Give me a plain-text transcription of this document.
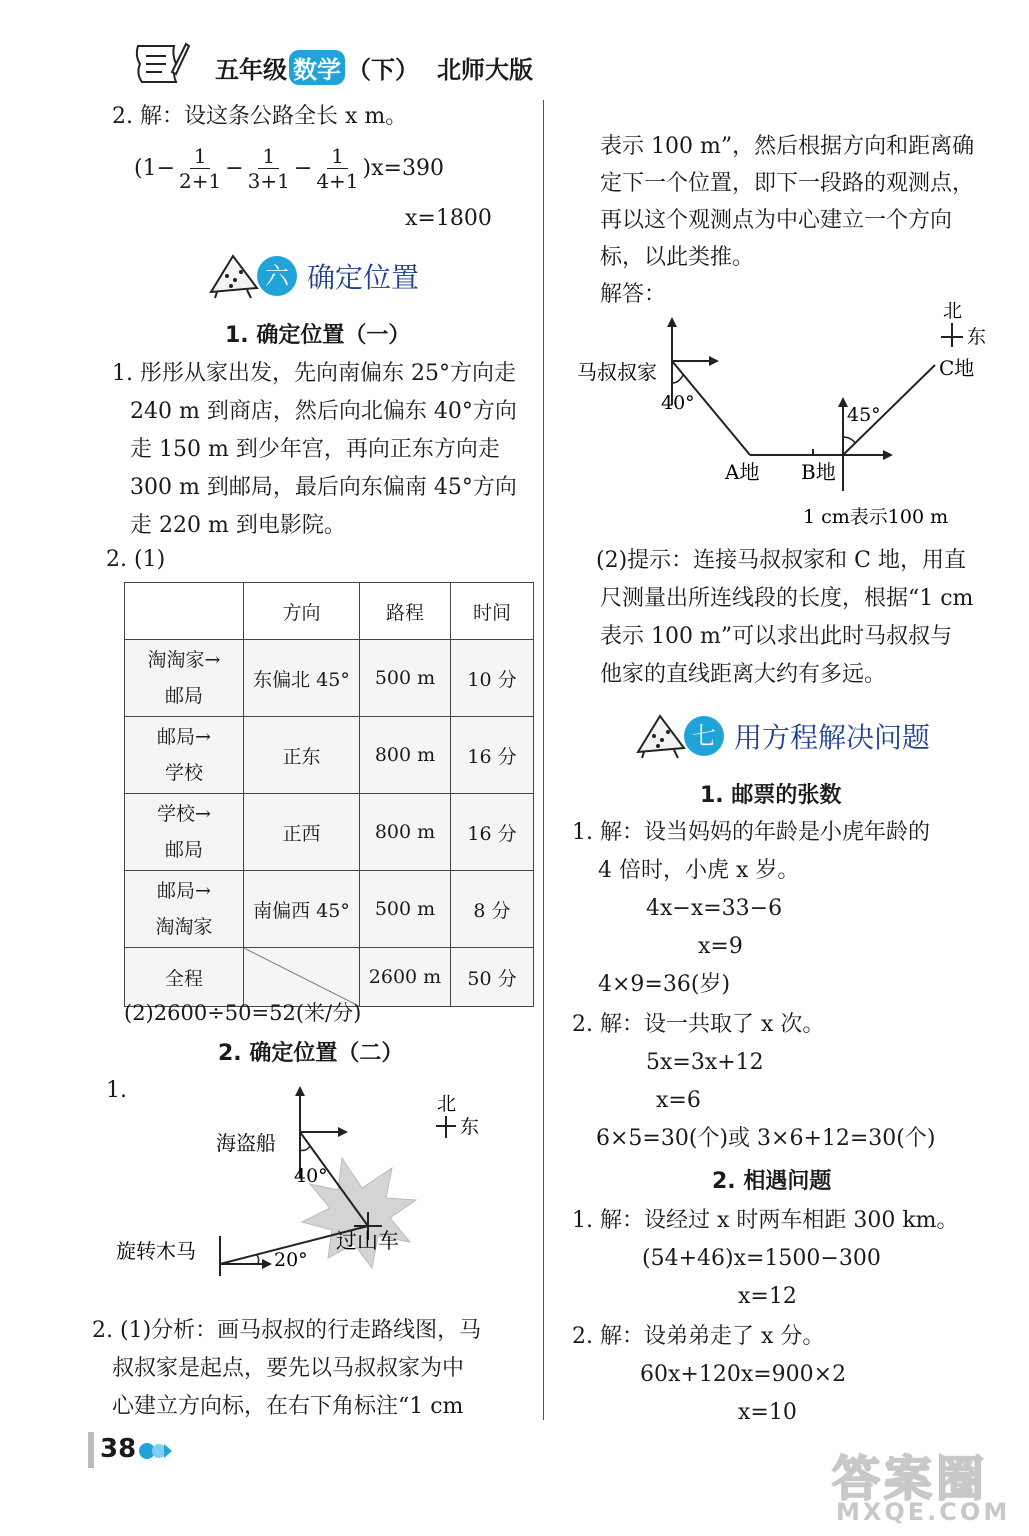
五年级 数学 （下） 北师大版
2. 解：设这条公路全长 x m。
$(1- \frac{1}{2+1} - \frac{1}{3+1} - \frac{1}{4+1} )x=390$
x=1800
六 确定位置
1. 确定位置（一）
1. 彤彤从家出发，先向南偏东 25°方向走
240 m 到商店，然后向北偏东 40°方向
走 150 m 到少年宫，再向正东方向走
300 m 到邮局，最后向东偏南 45°方向
走 220 m 到电影院。
2. (1)
	方向	路程	时间

淘淘家→
邮局	东偏北 45°	500 m	10 分

邮局→
学校	正东	800 m	16 分

学校→
邮局	正西	800 m	16 分

邮局→
淘淘家	南偏西 45°	500 m	8 分
全程		2600 m	50 分
(2)2600÷50=52(米/分)
2. 确定位置（二）
1.
北
东
海盗船
40°
过山车
旋转木马	20°
2. (1)分析：画马叔叔的行走路线图，马
叔叔家是起点，要先以马叔叔家为中
心建立方向标，在右下角标注“1 cm
表示 100 m”，然后根据方向和距离确
定下一个位置，即下一段路的观测点，
再以这个观测点为中心建立一个方向
标，以此类推。
解答：
北
东
马叔叔家
40°
45°
A地 B地
C地
1 cm表示100 m
(2)提示：连接马叔叔家和 C 地，用直
尺测量出所连线段的长度，根据“1 cm
表示 100 m”可以求出此时马叔叔与
他家的直线距离大约有多远。
七 用方程解决问题
1. 邮票的张数
1. 解：设当妈妈的年龄是小虎年龄的
4 倍时，小虎 x 岁。
4x−x=33−6
x=9
4×9=36(岁)
2. 解：设一共取了 x 次。
5x=3x+12
x=6
6×5=30(个)或 3×6+12=30(个)
2. 相遇问题
1. 解：设经过 x 时两车相距 300 km。
(54+46)x=1500−300
x=12
2. 解：设弟弟走了 x 分。
60x+120x=900×2
x=10
38
答案圈
MXQE.COM
